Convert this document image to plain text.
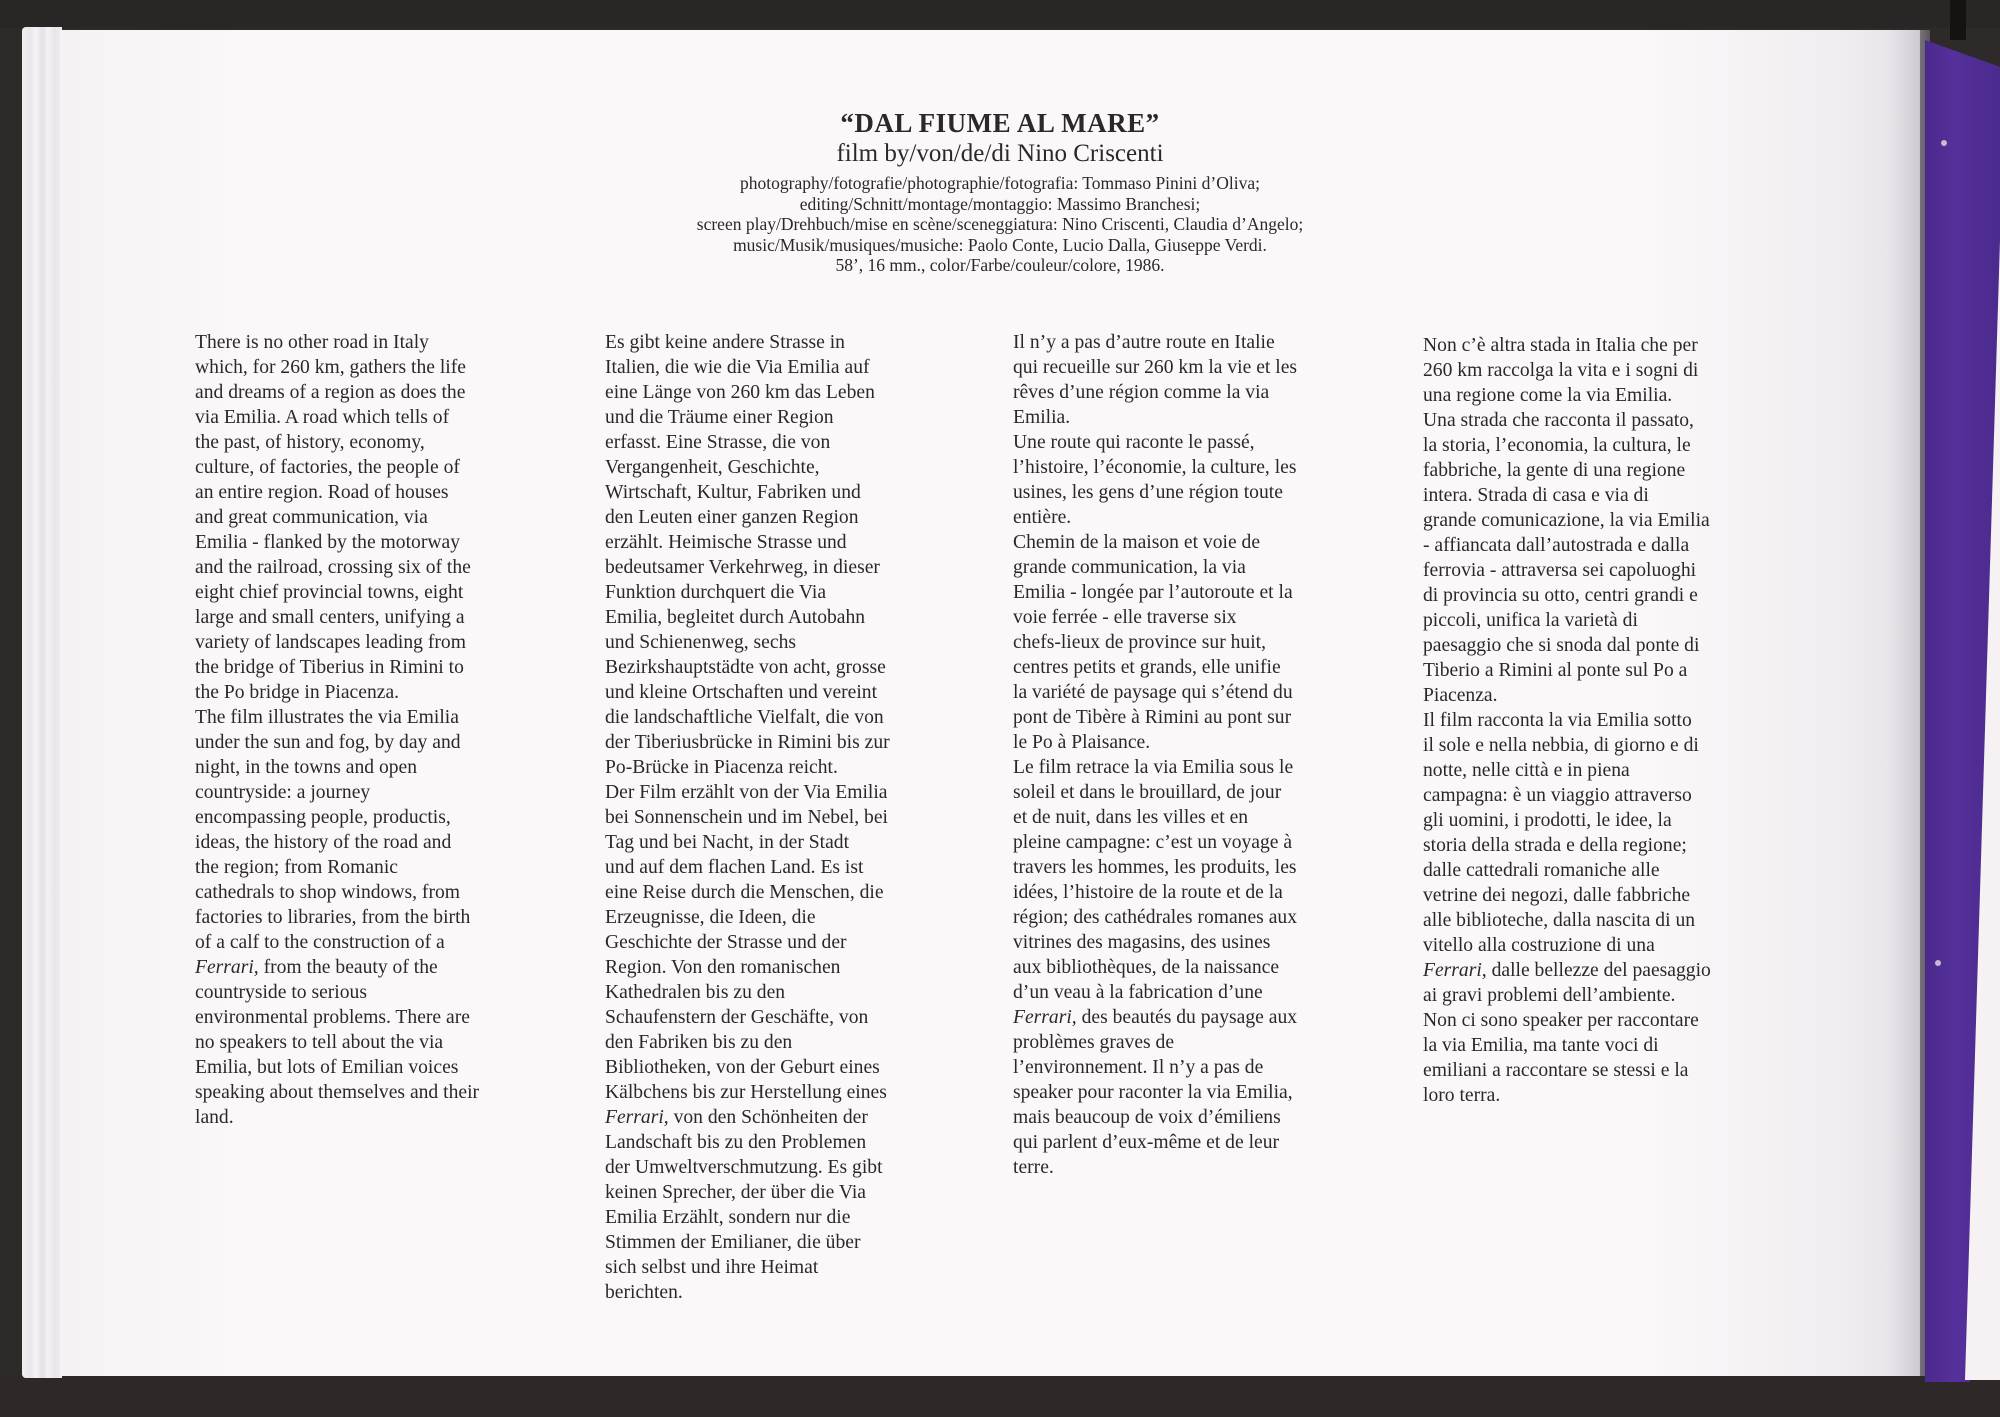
“DAL FIUME AL MARE”

film by/von/de/di Nino Criscenti

photography/fotografie/photographie/fotografia: Tommaso Pinini d’Oliva;

editing/Schnitt/montage/montaggio: Massimo Branchesi;

screen play/Drehbuch/mise en scène/sceneggiatura: Nino Criscenti, Claudia d’Angelo;

music/Musik/musiques/musiche: Paolo Conte, Lucio Dalla, Giuseppe Verdi.

58’, 16 mm., color/Farbe/couleur/colore, 1986.

There is no other road in Italy
which, for 260 km, gathers the life
and dreams of a region as does the
via Emilia. A road which tells of
the past, of history, economy,
culture, of factories, the people of
an entire region. Road of houses
and great communication, via
Emilia - flanked by the motorway
and the railroad, crossing six of the
eight chief provincial towns, eight
large and small centers, unifying a
variety of landscapes leading from
the bridge of Tiberius in Rimini to
the Po bridge in Piacenza.
The film illustrates the via Emilia
under the sun and fog, by day and
night, in the towns and open
countryside: a journey
encompassing people, productis,
ideas, the history of the road and
the region; from Romanic
cathedrals to shop windows, from
factories to libraries, from the birth
of a calf to the construction of a
Ferrari, from the beauty of the
countryside to serious
environmental problems. There are
no speakers to tell about the via
Emilia, but lots of Emilian voices
speaking about themselves and their
land.
Es gibt keine andere Strasse in
Italien, die wie die Via Emilia auf
eine Länge von 260 km das Leben
und die Träume einer Region
erfasst. Eine Strasse, die von
Vergangenheit, Geschichte,
Wirtschaft, Kultur, Fabriken und
den Leuten einer ganzen Region
erzählt. Heimische Strasse und
bedeutsamer Verkehrweg, in dieser
Funktion durchquert die Via
Emilia, begleitet durch Autobahn
und Schienenweg, sechs
Bezirkshauptstädte von acht, grosse
und kleine Ortschaften und vereint
die landschaftliche Vielfalt, die von
der Tiberiusbrücke in Rimini bis zur
Po-Brücke in Piacenza reicht.
Der Film erzählt von der Via Emilia
bei Sonnenschein und im Nebel, bei
Tag und bei Nacht, in der Stadt
und auf dem flachen Land. Es ist
eine Reise durch die Menschen, die
Erzeugnisse, die Ideen, die
Geschichte der Strasse und der
Region. Von den romanischen
Kathedralen bis zu den
Schaufenstern der Geschäfte, von
den Fabriken bis zu den
Bibliotheken, von der Geburt eines
Kälbchens bis zur Herstellung eines
Ferrari, von den Schönheiten der
Landschaft bis zu den Problemen
der Umweltverschmutzung. Es gibt
keinen Sprecher, der über die Via
Emilia Erzählt, sondern nur die
Stimmen der Emilianer, die über
sich selbst und ihre Heimat
berichten.
Il n’y a pas d’autre route en Italie
qui recueille sur 260 km la vie et les
rêves d’une région comme la via
Emilia.
Une route qui raconte le passé,
l’histoire, l’économie, la culture, les
usines, les gens d’une région toute
entière.
Chemin de la maison et voie de
grande communication, la via
Emilia - longée par l’autoroute et la
voie ferrée - elle traverse six
chefs-lieux de province sur huit,
centres petits et grands, elle unifie
la variété de paysage qui s’étend du
pont de Tibère à Rimini au pont sur
le Po à Plaisance.
Le film retrace la via Emilia sous le
soleil et dans le brouillard, de jour
et de nuit, dans les villes et en
pleine campagne: c’est un voyage à
travers les hommes, les produits, les
idées, l’histoire de la route et de la
région; des cathédrales romanes aux
vitrines des magasins, des usines
aux bibliothèques, de la naissance
d’un veau à la fabrication d’une
Ferrari, des beautés du paysage aux
problèmes graves de
l’environnement. Il n’y a pas de
speaker pour raconter la via Emilia,
mais beaucoup de voix d’émiliens
qui parlent d’eux-même et de leur
terre.
Non c’è altra stada in Italia che per
260 km raccolga la vita e i sogni di
una regione come la via Emilia.
Una strada che racconta il passato,
la storia, l’economia, la cultura, le
fabbriche, la gente di una regione
intera. Strada di casa e via di
grande comunicazione, la via Emilia
- affiancata dall’autostrada e dalla
ferrovia - attraversa sei capoluoghi
di provincia su otto, centri grandi e
piccoli, unifica la varietà di
paesaggio che si snoda dal ponte di
Tiberio a Rimini al ponte sul Po a
Piacenza.
Il film racconta la via Emilia sotto
il sole e nella nebbia, di giorno e di
notte, nelle città e in piena
campagna: è un viaggio attraverso
gli uomini, i prodotti, le idee, la
storia della strada e della regione;
dalle cattedrali romaniche alle
vetrine dei negozi, dalle fabbriche
alle biblioteche, dalla nascita di un
vitello alla costruzione di una
Ferrari, dalle bellezze del paesaggio
ai gravi problemi dell’ambiente.
Non ci sono speaker per raccontare
la via Emilia, ma tante voci di
emiliani a raccontare se stessi e la
loro terra.
